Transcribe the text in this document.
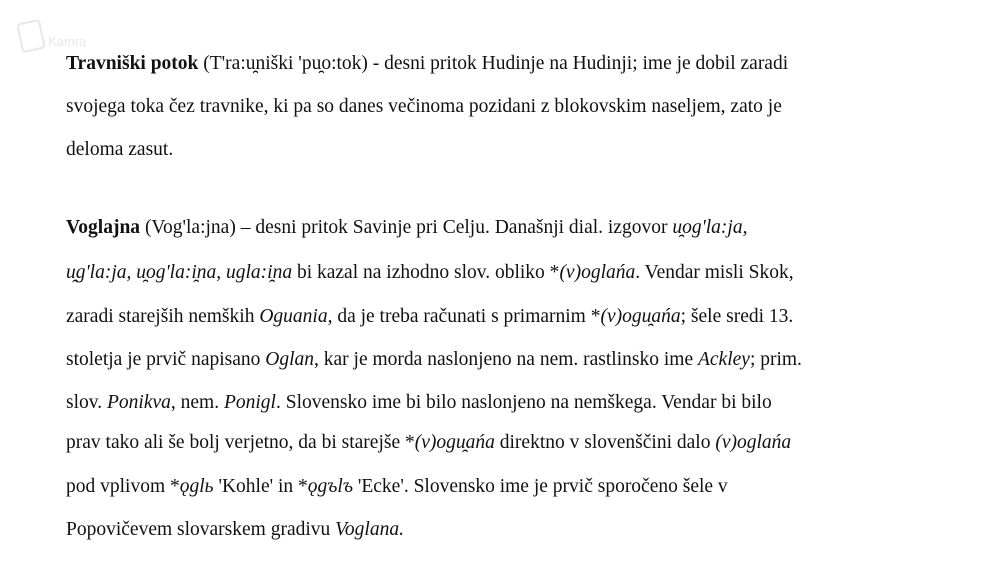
Kamra
Travniški potok (T'ra:u̯niški 'pu̯o:tok) - desni pritok Hudinje na Hudinji; ime je dobil zaradi
svojega toka čez travnike, ki pa so danes večinoma pozidani z blokovskim naseljem, zato je
deloma zasut.
Voglajna (Vog'la:jna) – desni pritok Savinje pri Celju. Današnji dial. izgovor u̯og'la:ja,
u̯g'la:ja, u̯og'la:i̯na, ugla:i̯na bi kazal na izhodno slov. obliko *(v)oglańa. Vendar misli Skok,
zaradi starejših nemških Oguania, da je treba računati s primarnim *(v)ogu̯ańa; šele sredi 13.
stoletja je prvič napisano Oglan, kar je morda naslonjeno na nem. rastlinsko ime Ackley; prim.
slov. Ponikva, nem. Ponigl. Slovensko ime bi bilo naslonjeno na nemškega. Vendar bi bilo
prav tako ali še bolj verjetno, da bi starejše *(v)ogu̯ańa direktno v slovenščini dalo (v)oglańa
pod vplivom *ǫglь 'Kohle' in *ǫgъlъ 'Ecke'. Slovensko ime je prvič sporočeno šele v
Popovičevem slovarskem gradivu Voglana.
